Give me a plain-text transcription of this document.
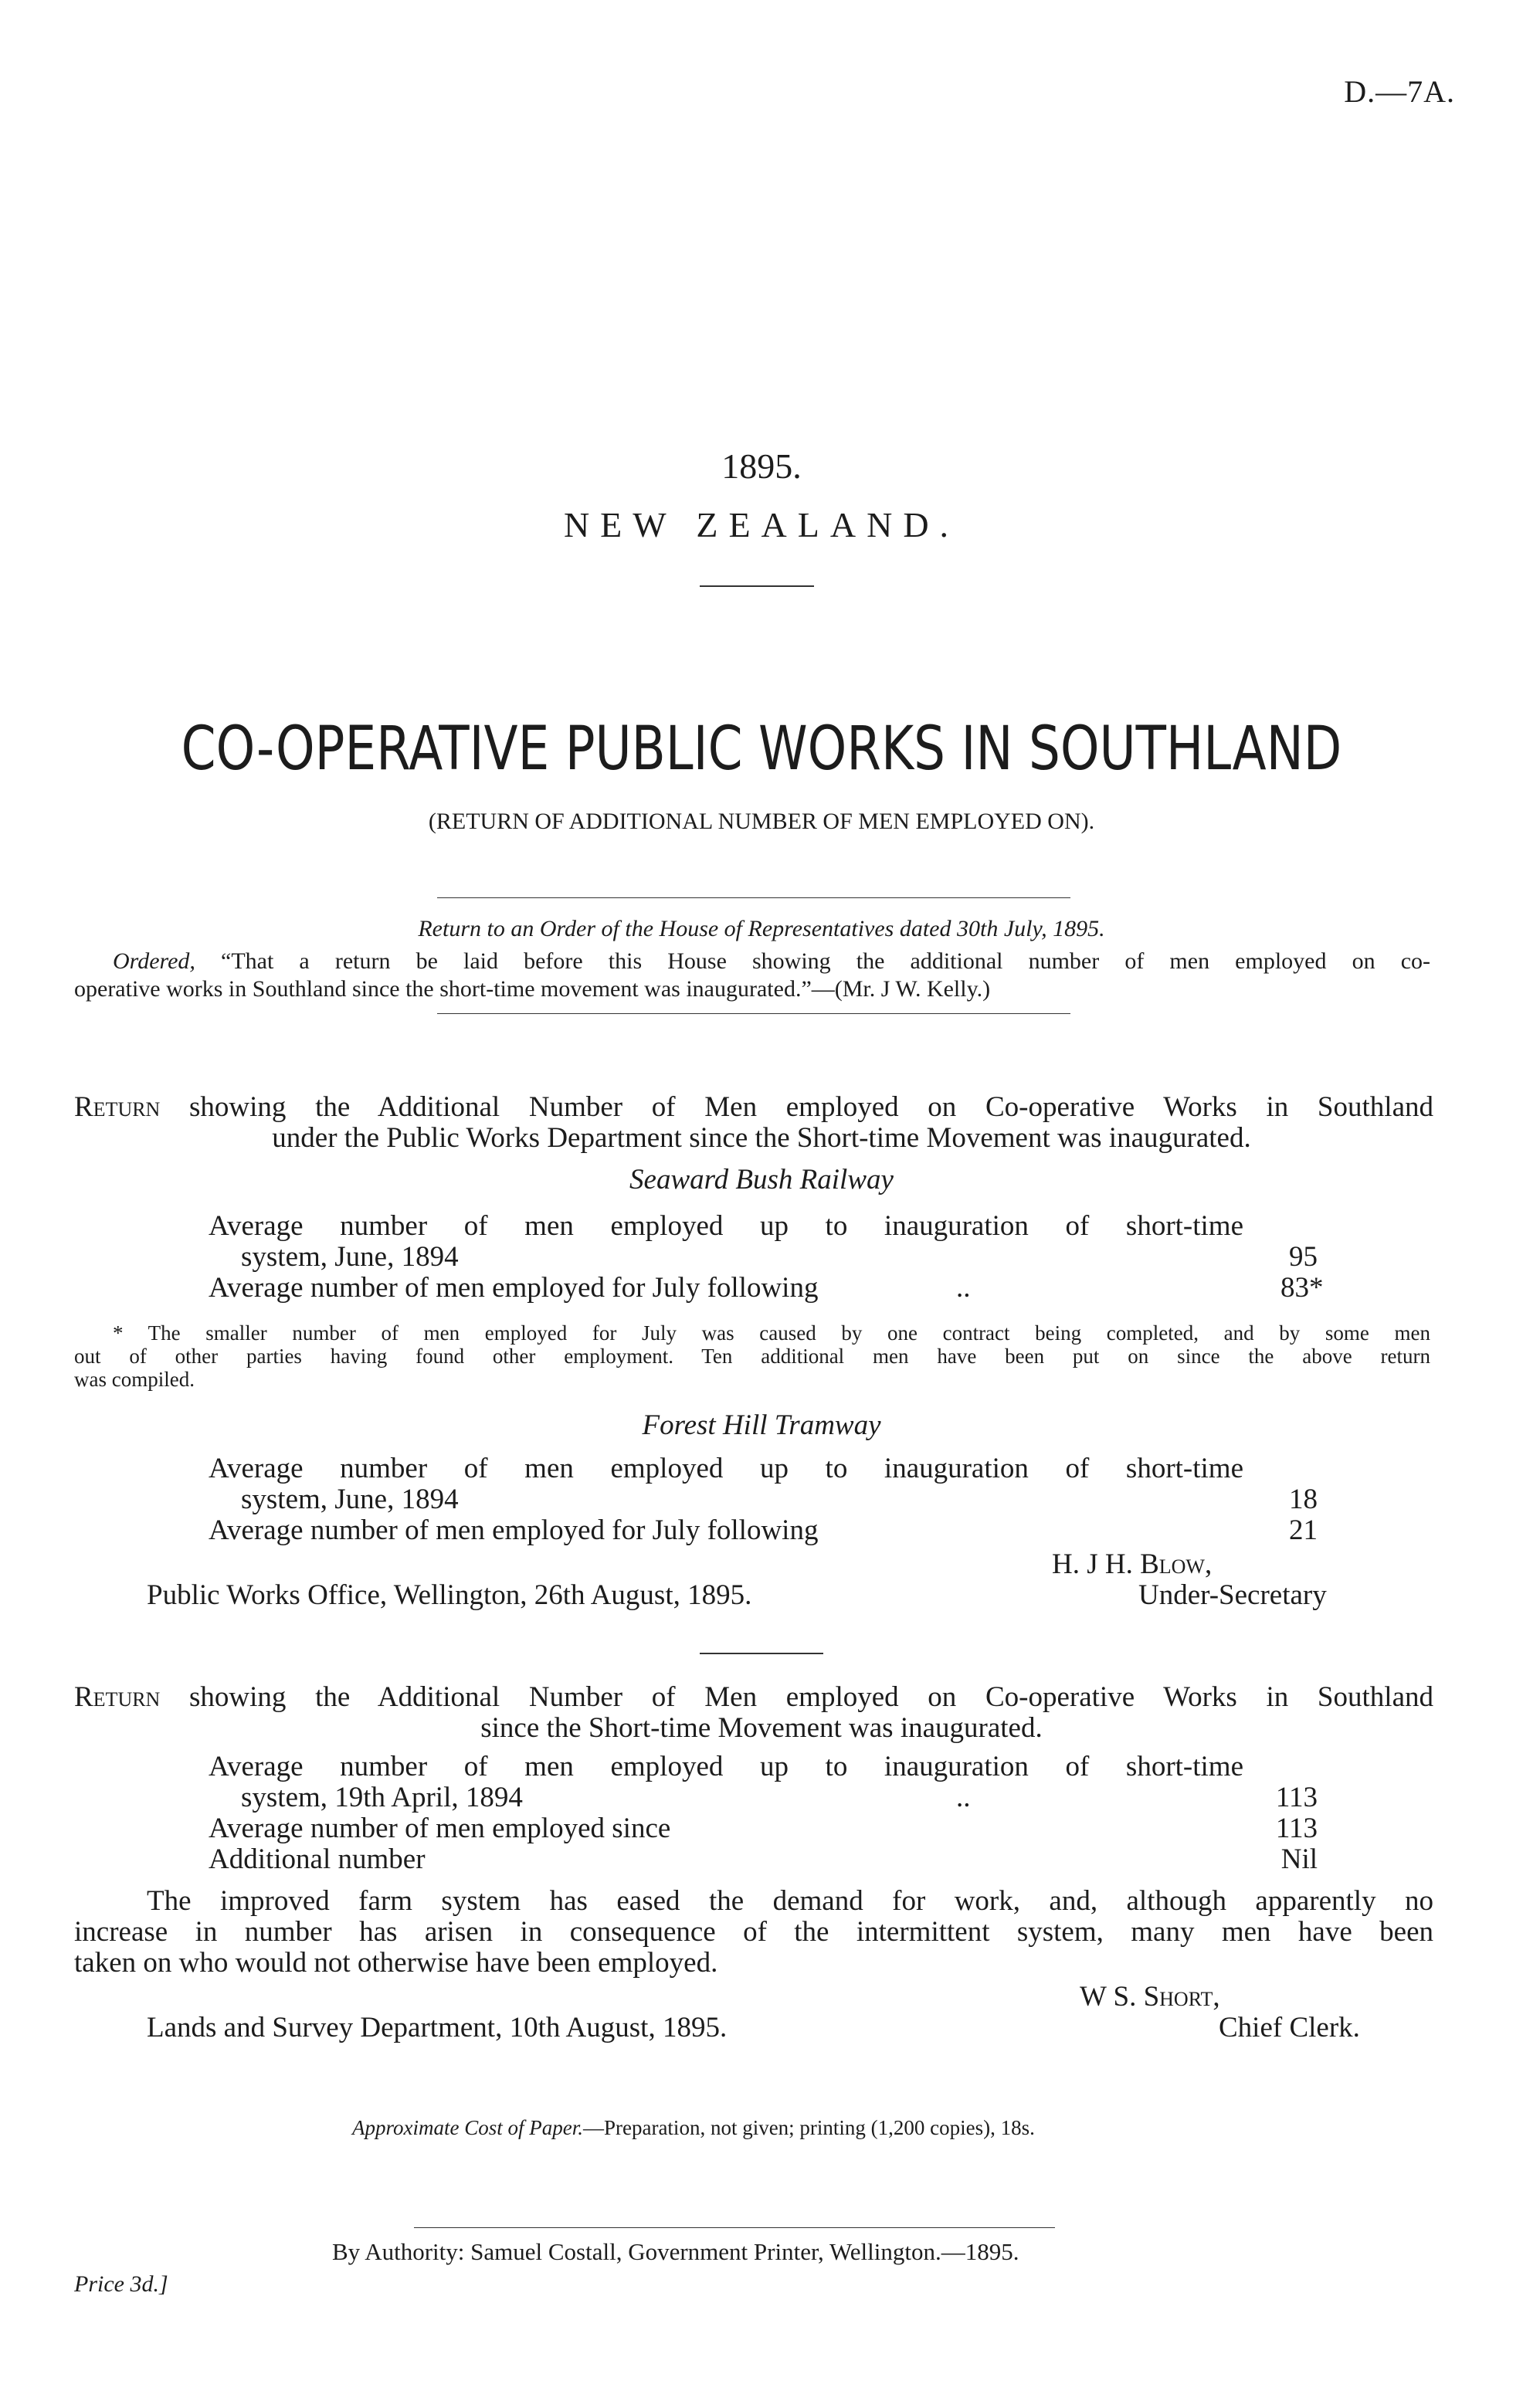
D.—7A.
1895.
NEW ZEALAND.
CO-OPERATIVE PUBLIC WORKS IN SOUTHLAND
(RETURN OF ADDITIONAL NUMBER OF MEN EMPLOYED ON).
Return to an Order of the House of Representatives dated 30th July, 1895.
Ordered, “That a return be laid before this House showing the additional number of men employed on co-
operative works in Southland since the short-time movement was inaugurated.”—(Mr. J W. Kelly.)
Return showing the Additional Number of Men employed on Co-operative Works in Southland
under the Public Works Department since the Short-time Movement was inaugurated.
Seaward Bush Railway
Average number of men employed up to inauguration of short-time
system, June, 1894	95
Average number of men employed for July following	..	83*
* The smaller number of men employed for July was caused by one contract being completed, and by some men
out of other parties having found other employment. Ten additional men have been put on since the above return
was compiled.
Forest Hill Tramway
Average number of men employed up to inauguration of short-time
system, June, 1894	18
Average number of men employed for July following	21
H. J H. Blow,
Public Works Office, Wellington, 26th August, 1895.	Under-Secretary
Return showing the Additional Number of Men employed on Co-operative Works in Southland
since the Short-time Movement was inaugurated.
Average number of men employed up to inauguration of short-time
system, 19th April, 1894	..	113
Average number of men employed since	113
Additional number	Nil
The improved farm system has eased the demand for work, and, although apparently no
increase in number has arisen in consequence of the intermittent system, many men have been
taken on who would not otherwise have been employed.
W S. Short,
Lands and Survey Department, 10th August, 1895.	Chief Clerk.
Approximate Cost of Paper.—Preparation, not given; printing (1,200 copies), 18s.
By Authority: Samuel Costall, Government Printer, Wellington.—1895.
Price 3d.]
